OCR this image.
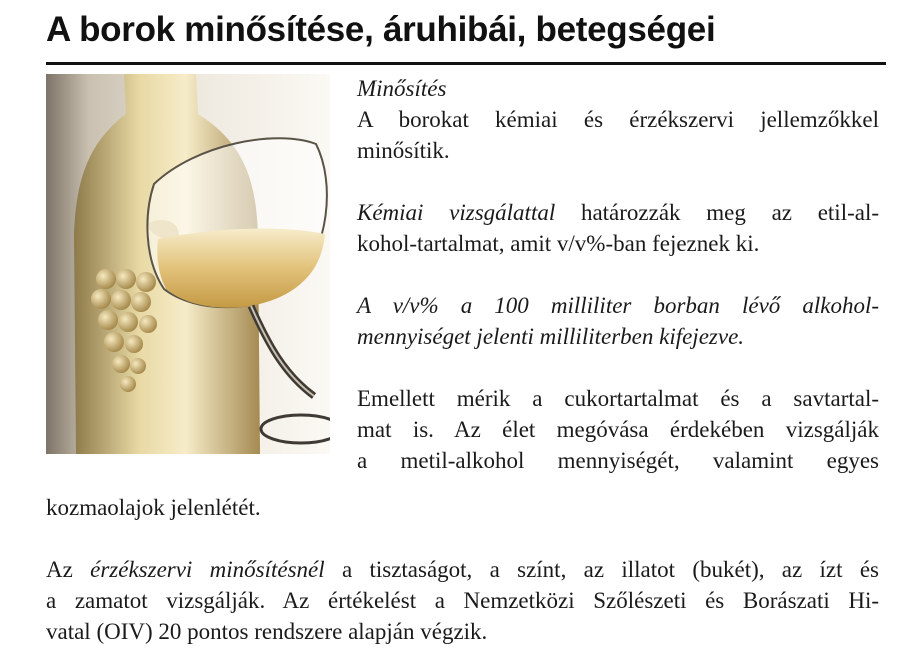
A borok minősítése, áruhibái, betegségei

Minősítés

A borokat kémiai és érzékszervi jellemzőkkel
minősítik.

Kémiai vizsgálattal határozzák meg az etil-al-
kohol-tartalmat, amit v/v%-ban fejeznek ki.

A v/v% a 100 milliliter borban lévő alkohol-
mennyiséget jelenti milliliterben kifejezve.

Emellett mérik a cukortartalmat és a savtartal-
mat is. Az élet megóvása érdekében vizsgálják
a metil-alkohol mennyiségét, valamint egyes

kozmaolajok jelenlétét.
Az érzékszervi minősítésnél a tisztaságot, a színt, az illatot (bukét), az ízt és
a zamatot vizsgálják. Az értékelést a Nemzetközi Szőlészeti és Borászati Hi-
vatal (OIV) 20 pontos rendszere alapján végzik.
